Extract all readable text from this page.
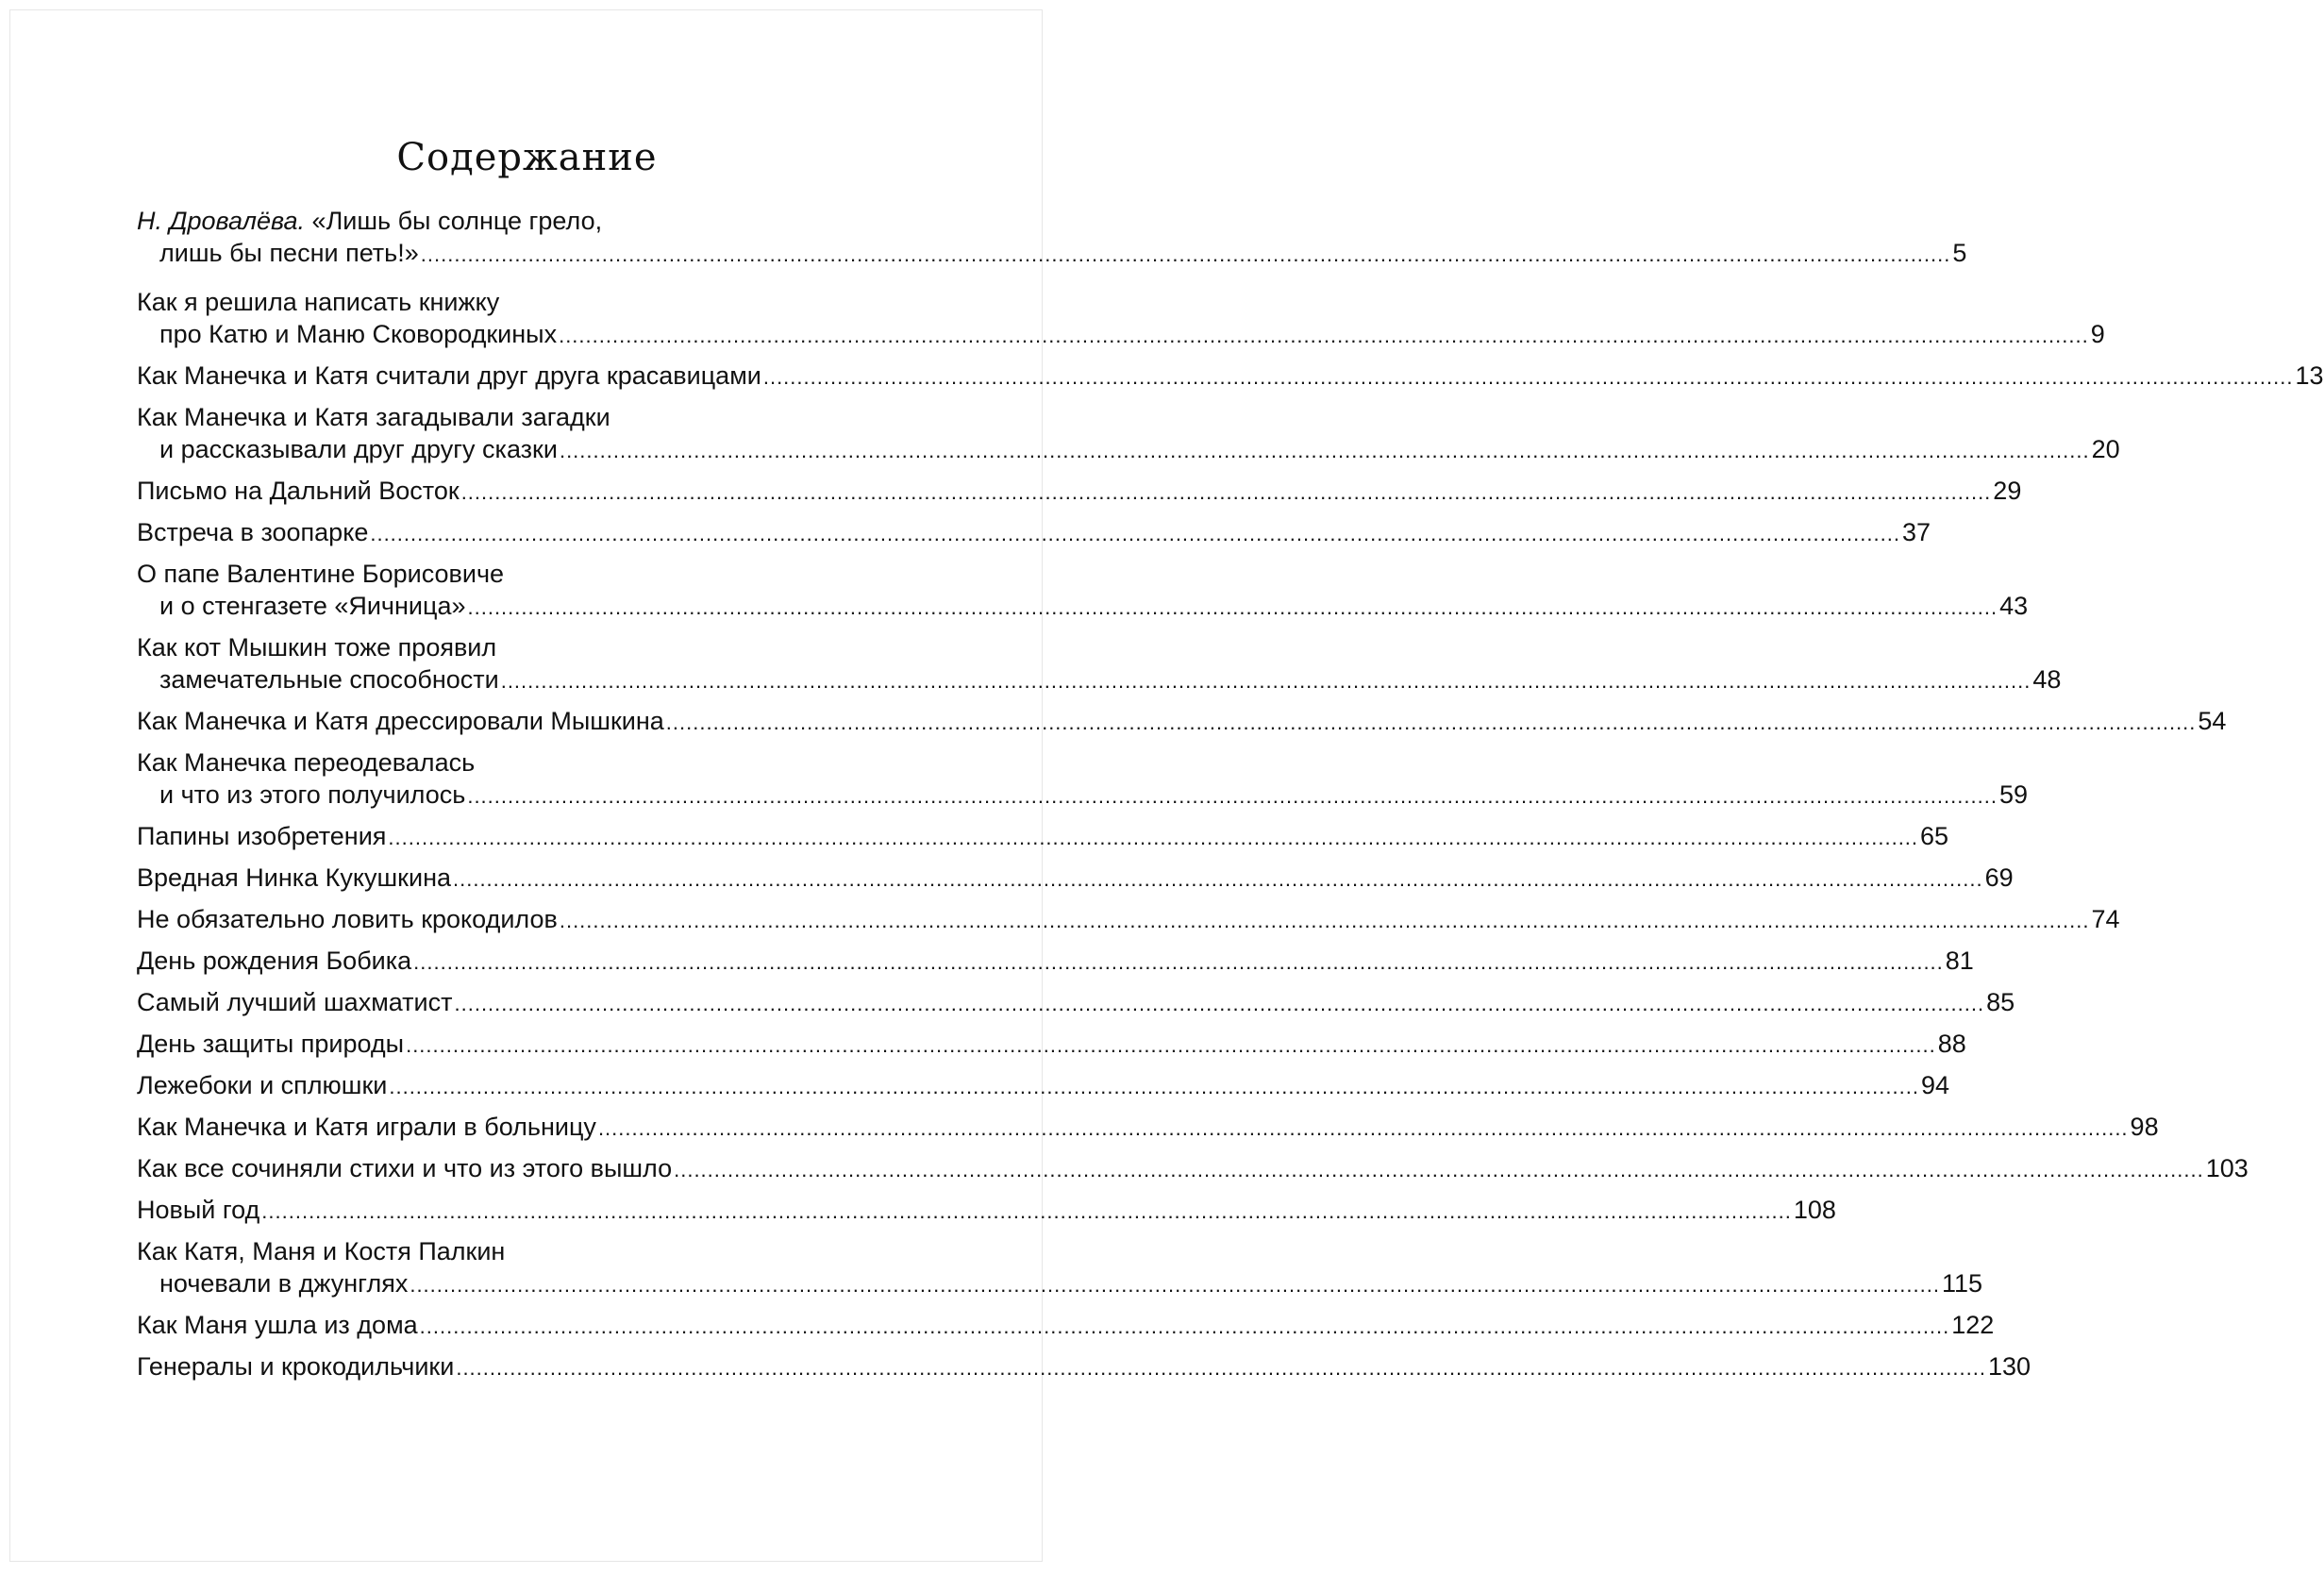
Содержание
Н. Дровалёва. «Лишь бы солнце грело,
лишь бы песни петь!» .................................................................................................................................................................................................................................... 5
Как я решила написать книжку
про Катю и Маню Сковородкиных .................................................................................................................................................................................................................................... 9
Как Манечка и Катя считали друг друга красавицами .................................................................................................................................................................................................................................... 13
Как Манечка и Катя загадывали загадки
и рассказывали друг другу сказки .................................................................................................................................................................................................................................... 20
Письмо на Дальний Восток .................................................................................................................................................................................................................................... 29
Встреча в зоопарке .................................................................................................................................................................................................................................... 37
О папе Валентине Борисовиче
и о стенгазете «Яичница» .................................................................................................................................................................................................................................... 43
Как кот Мышкин тоже проявил
замечательные способности .................................................................................................................................................................................................................................... 48
Как Манечка и Катя дрессировали Мышкина .................................................................................................................................................................................................................................... 54
Как Манечка переодевалась
и что из этого получилось .................................................................................................................................................................................................................................... 59
Папины изобретения .................................................................................................................................................................................................................................... 65
Вредная Нинка Кукушкина .................................................................................................................................................................................................................................... 69
Не обязательно ловить крокодилов .................................................................................................................................................................................................................................... 74
День рождения Бобика .................................................................................................................................................................................................................................... 81
Самый лучший шахматист .................................................................................................................................................................................................................................... 85
День защиты природы .................................................................................................................................................................................................................................... 88
Лежебоки и сплюшки .................................................................................................................................................................................................................................... 94
Как Манечка и Катя играли в больницу .................................................................................................................................................................................................................................... 98
Как все сочиняли стихи и что из этого вышло .................................................................................................................................................................................................................................... 103
Новый год .................................................................................................................................................................................................................................... 108
Как Катя, Маня и Костя Палкин
ночевали в джунглях .................................................................................................................................................................................................................................... 115
Как Маня ушла из дома .................................................................................................................................................................................................................................... 122
Генералы и крокодильчики .................................................................................................................................................................................................................................... 130
